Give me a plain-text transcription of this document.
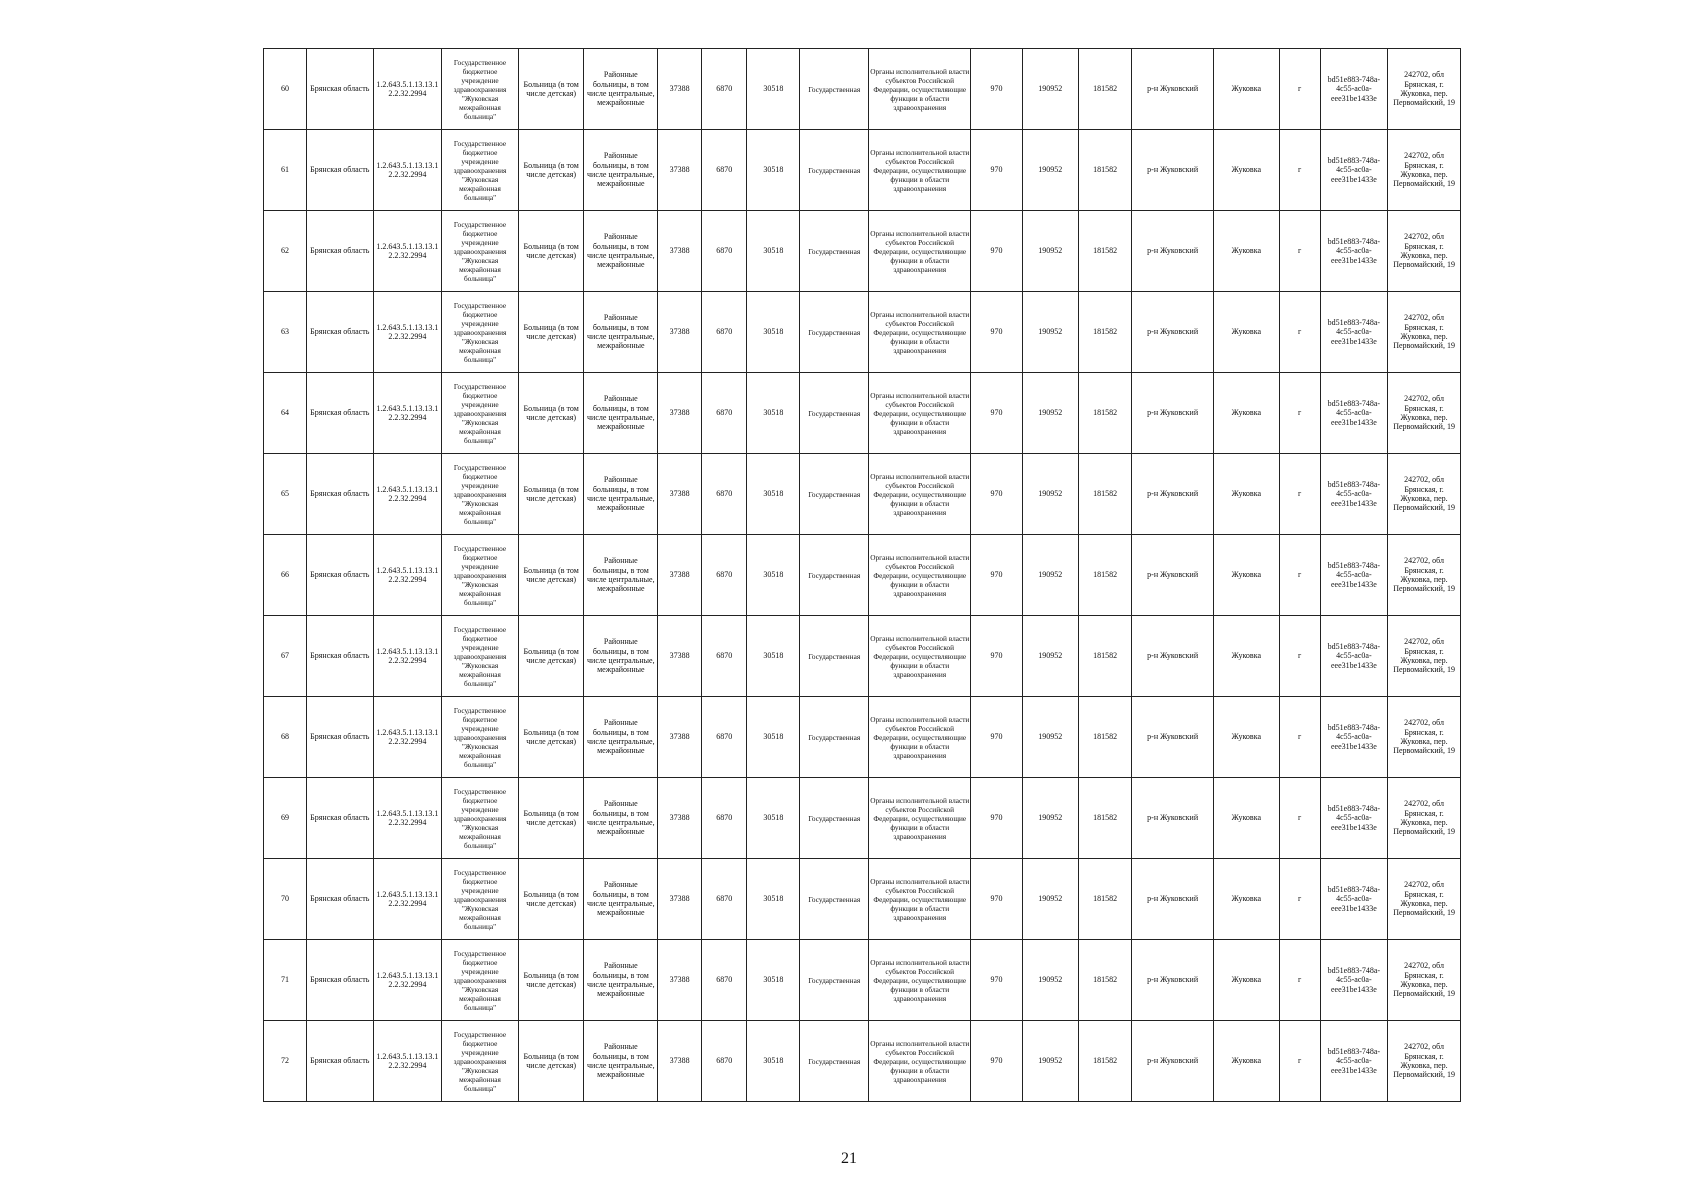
60	Брянская область	1.2.643.5.1.13.13.12.2.32.2994	Государственное бюджетное учреждение здравоохранения "Жуковская межрайонная больница"	Больница (в том числе детская)	Районные больницы, в том числе центральные, межрайонные	37388	6870	30518	Государственная	Органы исполнительной власти субъектов Российской Федерации, осуществляющие функции в области здравоохранения	970	190952	181582	р-н Жуковский	Жуковка	г	bd51e883-748a-4c55-ac0a-eee31be1433e	242702, обл Брянская, г. Жуковка, пер. Первомайский, 19
61	Брянская область	1.2.643.5.1.13.13.12.2.32.2994	Государственное бюджетное учреждение здравоохранения "Жуковская межрайонная больница"	Больница (в том числе детская)	Районные больницы, в том числе центральные, межрайонные	37388	6870	30518	Государственная	Органы исполнительной власти субъектов Российской Федерации, осуществляющие функции в области здравоохранения	970	190952	181582	р-н Жуковский	Жуковка	г	bd51e883-748a-4c55-ac0a-eee31be1433e	242702, обл Брянская, г. Жуковка, пер. Первомайский, 19
62	Брянская область	1.2.643.5.1.13.13.12.2.32.2994	Государственное бюджетное учреждение здравоохранения "Жуковская межрайонная больница"	Больница (в том числе детская)	Районные больницы, в том числе центральные, межрайонные	37388	6870	30518	Государственная	Органы исполнительной власти субъектов Российской Федерации, осуществляющие функции в области здравоохранения	970	190952	181582	р-н Жуковский	Жуковка	г	bd51e883-748a-4c55-ac0a-eee31be1433e	242702, обл Брянская, г. Жуковка, пер. Первомайский, 19
63	Брянская область	1.2.643.5.1.13.13.12.2.32.2994	Государственное бюджетное учреждение здравоохранения "Жуковская межрайонная больница"	Больница (в том числе детская)	Районные больницы, в том числе центральные, межрайонные	37388	6870	30518	Государственная	Органы исполнительной власти субъектов Российской Федерации, осуществляющие функции в области здравоохранения	970	190952	181582	р-н Жуковский	Жуковка	г	bd51e883-748a-4c55-ac0a-eee31be1433e	242702, обл Брянская, г. Жуковка, пер. Первомайский, 19
64	Брянская область	1.2.643.5.1.13.13.12.2.32.2994	Государственное бюджетное учреждение здравоохранения "Жуковская межрайонная больница"	Больница (в том числе детская)	Районные больницы, в том числе центральные, межрайонные	37388	6870	30518	Государственная	Органы исполнительной власти субъектов Российской Федерации, осуществляющие функции в области здравоохранения	970	190952	181582	р-н Жуковский	Жуковка	г	bd51e883-748a-4c55-ac0a-eee31be1433e	242702, обл Брянская, г. Жуковка, пер. Первомайский, 19
65	Брянская область	1.2.643.5.1.13.13.12.2.32.2994	Государственное бюджетное учреждение здравоохранения "Жуковская межрайонная больница"	Больница (в том числе детская)	Районные больницы, в том числе центральные, межрайонные	37388	6870	30518	Государственная	Органы исполнительной власти субъектов Российской Федерации, осуществляющие функции в области здравоохранения	970	190952	181582	р-н Жуковский	Жуковка	г	bd51e883-748a-4c55-ac0a-eee31be1433e	242702, обл Брянская, г. Жуковка, пер. Первомайский, 19
66	Брянская область	1.2.643.5.1.13.13.12.2.32.2994	Государственное бюджетное учреждение здравоохранения "Жуковская межрайонная больница"	Больница (в том числе детская)	Районные больницы, в том числе центральные, межрайонные	37388	6870	30518	Государственная	Органы исполнительной власти субъектов Российской Федерации, осуществляющие функции в области здравоохранения	970	190952	181582	р-н Жуковский	Жуковка	г	bd51e883-748a-4c55-ac0a-eee31be1433e	242702, обл Брянская, г. Жуковка, пер. Первомайский, 19
67	Брянская область	1.2.643.5.1.13.13.12.2.32.2994	Государственное бюджетное учреждение здравоохранения "Жуковская межрайонная больница"	Больница (в том числе детская)	Районные больницы, в том числе центральные, межрайонные	37388	6870	30518	Государственная	Органы исполнительной власти субъектов Российской Федерации, осуществляющие функции в области здравоохранения	970	190952	181582	р-н Жуковский	Жуковка	г	bd51e883-748a-4c55-ac0a-eee31be1433e	242702, обл Брянская, г. Жуковка, пер. Первомайский, 19
68	Брянская область	1.2.643.5.1.13.13.12.2.32.2994	Государственное бюджетное учреждение здравоохранения "Жуковская межрайонная больница"	Больница (в том числе детская)	Районные больницы, в том числе центральные, межрайонные	37388	6870	30518	Государственная	Органы исполнительной власти субъектов Российской Федерации, осуществляющие функции в области здравоохранения	970	190952	181582	р-н Жуковский	Жуковка	г	bd51e883-748a-4c55-ac0a-eee31be1433e	242702, обл Брянская, г. Жуковка, пер. Первомайский, 19
69	Брянская область	1.2.643.5.1.13.13.12.2.32.2994	Государственное бюджетное учреждение здравоохранения "Жуковская межрайонная больница"	Больница (в том числе детская)	Районные больницы, в том числе центральные, межрайонные	37388	6870	30518	Государственная	Органы исполнительной власти субъектов Российской Федерации, осуществляющие функции в области здравоохранения	970	190952	181582	р-н Жуковский	Жуковка	г	bd51e883-748a-4c55-ac0a-eee31be1433e	242702, обл Брянская, г. Жуковка, пер. Первомайский, 19
70	Брянская область	1.2.643.5.1.13.13.12.2.32.2994	Государственное бюджетное учреждение здравоохранения "Жуковская межрайонная больница"	Больница (в том числе детская)	Районные больницы, в том числе центральные, межрайонные	37388	6870	30518	Государственная	Органы исполнительной власти субъектов Российской Федерации, осуществляющие функции в области здравоохранения	970	190952	181582	р-н Жуковский	Жуковка	г	bd51e883-748a-4c55-ac0a-eee31be1433e	242702, обл Брянская, г. Жуковка, пер. Первомайский, 19
71	Брянская область	1.2.643.5.1.13.13.12.2.32.2994	Государственное бюджетное учреждение здравоохранения "Жуковская межрайонная больница"	Больница (в том числе детская)	Районные больницы, в том числе центральные, межрайонные	37388	6870	30518	Государственная	Органы исполнительной власти субъектов Российской Федерации, осуществляющие функции в области здравоохранения	970	190952	181582	р-н Жуковский	Жуковка	г	bd51e883-748a-4c55-ac0a-eee31be1433e	242702, обл Брянская, г. Жуковка, пер. Первомайский, 19
72	Брянская область	1.2.643.5.1.13.13.12.2.32.2994	Государственное бюджетное учреждение здравоохранения "Жуковская межрайонная больница"	Больница (в том числе детская)	Районные больницы, в том числе центральные, межрайонные	37388	6870	30518	Государственная	Органы исполнительной власти субъектов Российской Федерации, осуществляющие функции в области здравоохранения	970	190952	181582	р-н Жуковский	Жуковка	г	bd51e883-748a-4c55-ac0a-eee31be1433e	242702, обл Брянская, г. Жуковка, пер. Первомайский, 19
21
